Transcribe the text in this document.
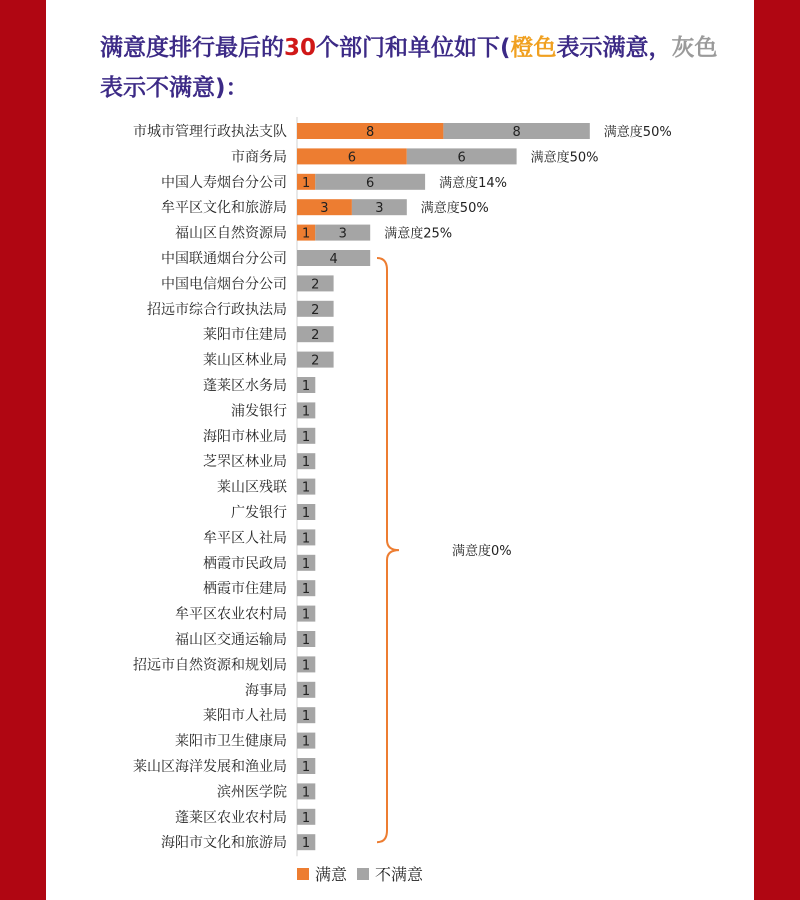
满意度排行最后的30个部门和单位如下(橙色表示满意，灰色表示不满意)：
市城市管理行政执法支队	8	8	满意度50%
市商务局	6	6	满意度50%
中国人寿烟台分公司 1	6	满意度14%
牟平区文化和旅游局	3	3	满意度50%
福山区自然资源局 1 3	满意度25%
中国联通烟台分公司	4
中国电信烟台分公司 2
招远市综合行政执法局 2
莱阳市住建局 2
莱山区林业局 2
蓬莱区水务局 1
浦发银行 1
海阳市林业局 1
芝罘区林业局 1
莱山区残联 1
广发银行 1
牟平区人社局 1
栖霞市民政局 1
栖霞市住建局 1
牟平区农业农村局 1
福山区交通运输局 1
招远市自然资源和规划局 1
海事局 1
莱阳市人社局 1
莱阳市卫生健康局 1
莱山区海洋发展和渔业局 1
滨州医学院 1
蓬莱区农业农村局 1
海阳市文化和旅游局 1
满意度0%
满意 不满意
